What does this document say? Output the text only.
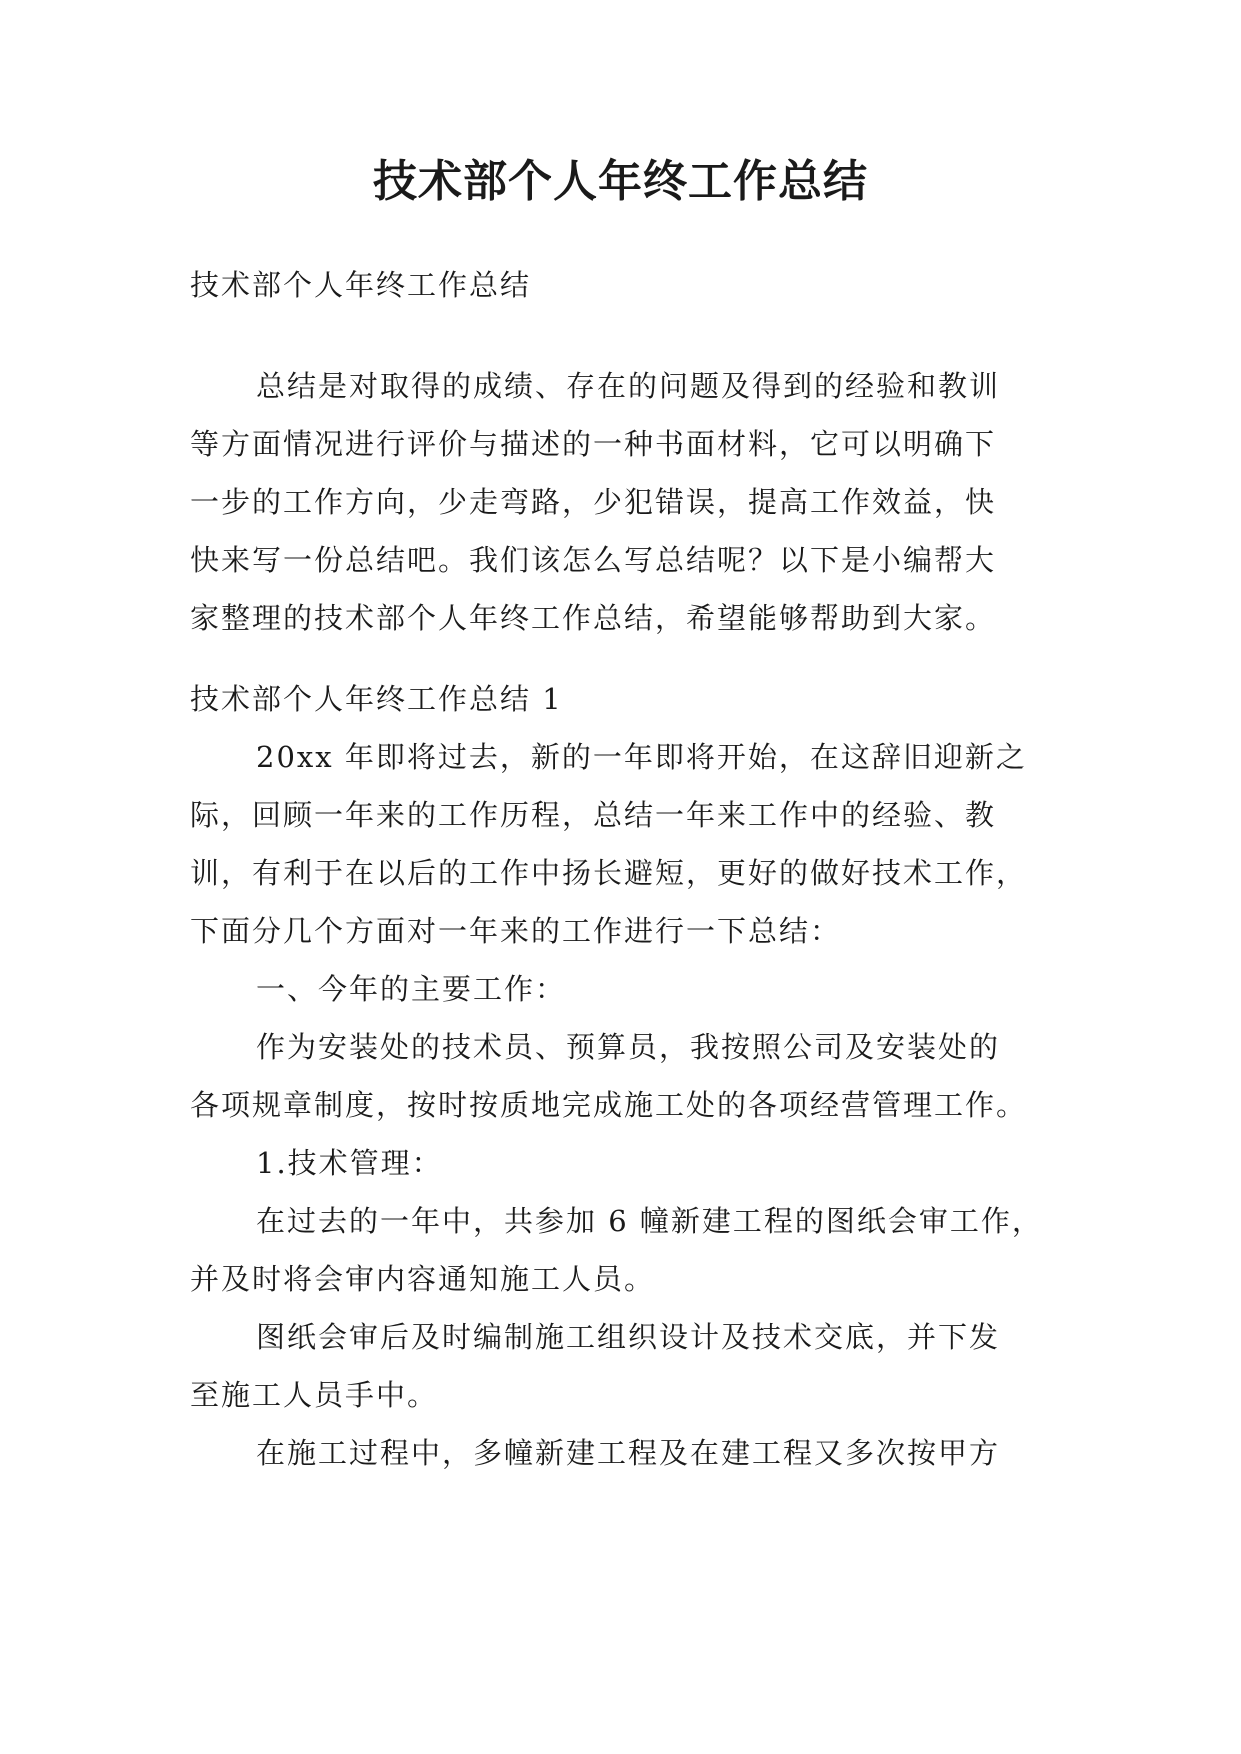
技术部个人年终工作总结
技术部个人年终工作总结
总结是对取得的成绩、存在的问题及得到的经验和教训
等方面情况进行评价与描述的一种书面材料，它可以明确下
一步的工作方向，少走弯路，少犯错误，提高工作效益，快
快来写一份总结吧。我们该怎么写总结呢？以下是小编帮大
家整理的技术部个人年终工作总结，希望能够帮助到大家。
技术部个人年终工作总结 1
20xx 年即将过去，新的一年即将开始，在这辞旧迎新之
际，回顾一年来的工作历程，总结一年来工作中的经验、教
训，有利于在以后的工作中扬长避短，更好的做好技术工作，
下面分几个方面对一年来的工作进行一下总结：
一、今年的主要工作：
作为安装处的技术员、预算员，我按照公司及安装处的
各项规章制度，按时按质地完成施工处的各项经营管理工作。
1.技术管理：
在过去的一年中，共参加 6 幢新建工程的图纸会审工作，
并及时将会审内容通知施工人员。
图纸会审后及时编制施工组织设计及技术交底，并下发
至施工人员手中。
在施工过程中，多幢新建工程及在建工程又多次按甲方
